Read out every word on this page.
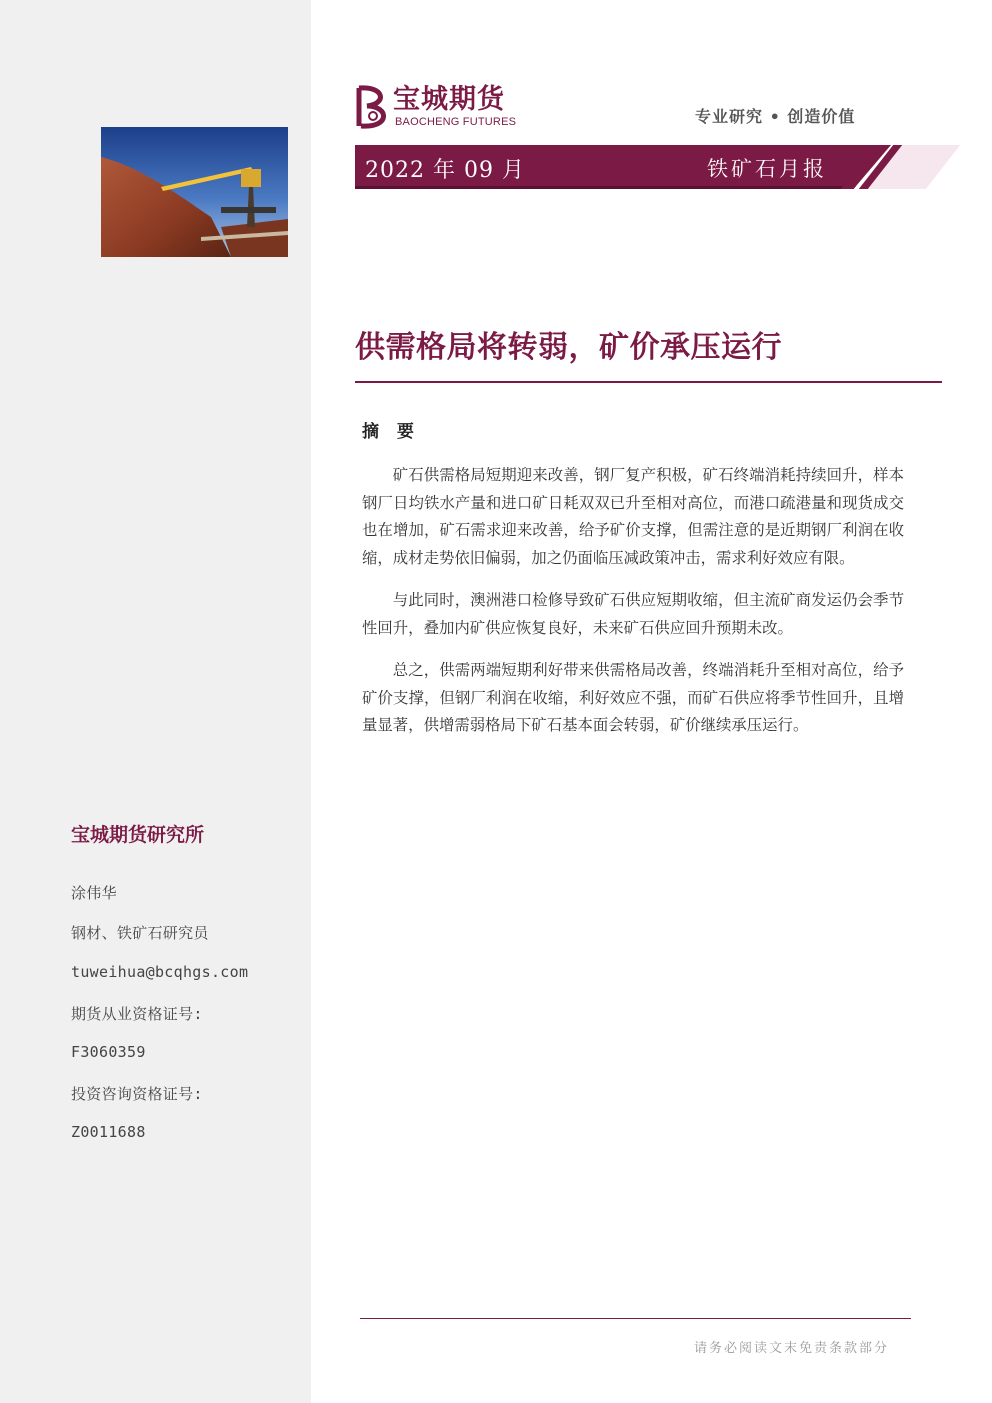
宝城期货研究所
涂伟华
钢材、铁矿石研究员
tuweihua@bcqhgs.com
期货从业资格证号:
F3060359
投资咨询资格证号:
Z0011688
宝城期货
BAOCHENG FUTURES	专业研究 • 创造价值
2022 年 09 月	铁矿石月报
供需格局将转弱，矿价承压运行
摘 要

矿石供需格局短期迎来改善，钢厂复产积极，矿石终端消耗持续回升，样本钢厂日均铁水产量和进口矿日耗双双已升至相对高位，而港口疏港量和现货成交也在增加，矿石需求迎来改善，给予矿价支撑，但需注意的是近期钢厂利润在收缩，成材走势依旧偏弱，加之仍面临压减政策冲击，需求利好效应有限。

与此同时，澳洲港口检修导致矿石供应短期收缩，但主流矿商发运仍会季节性回升，叠加内矿供应恢复良好，未来矿石供应回升预期未改。

总之，供需两端短期利好带来供需格局改善，终端消耗升至相对高位，给予矿价支撑，但钢厂利润在收缩，利好效应不强，而矿石供应将季节性回升，且增量显著，供增需弱格局下矿石基本面会转弱，矿价继续承压运行。

请务必阅读文末免责条款部分
